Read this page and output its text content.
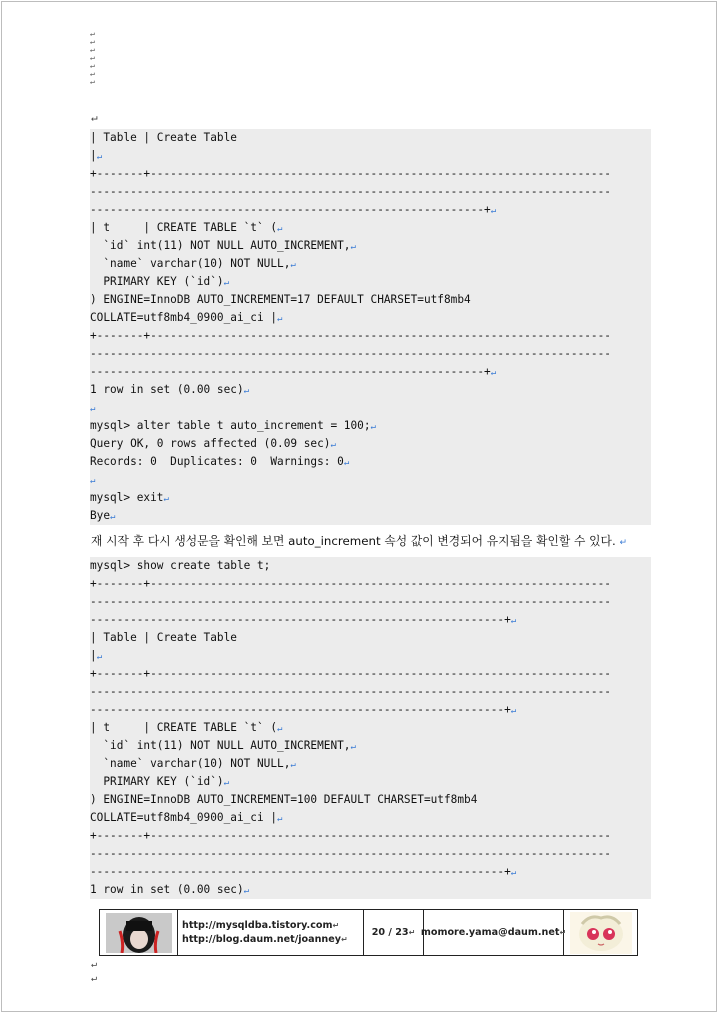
↵
↵
↵
↵
↵
↵
↵
↵
| Table | Create Table
|↵
+-------+---------------------------------------------------------------------
------------------------------------------------------------------------------
-----------------------------------------------------------+↵
| t     | CREATE TABLE `t` (↵
`id` int(11) NOT NULL AUTO_INCREMENT,↵
`name` varchar(10) NOT NULL,↵
PRIMARY KEY (`id`)↵
) ENGINE=InnoDB AUTO_INCREMENT=17 DEFAULT CHARSET=utf8mb4
COLLATE=utf8mb4_0900_ai_ci |↵
+-------+---------------------------------------------------------------------
------------------------------------------------------------------------------
-----------------------------------------------------------+↵
1 row in set (0.00 sec)↵
↵
mysql> alter table t auto_increment = 100;↵
Query OK, 0 rows affected (0.09 sec)↵
Records: 0  Duplicates: 0  Warnings: 0↵
↵
mysql> exit↵
Bye↵
재 시작 후 다시 생성문을 확인해 보면 auto_increment 속성 값이 변경되어 유지됨을 확인할 수 있다. ↵
mysql> show create table t;
+-------+---------------------------------------------------------------------
------------------------------------------------------------------------------
--------------------------------------------------------------+↵
| Table | Create Table
|↵
+-------+---------------------------------------------------------------------
------------------------------------------------------------------------------
--------------------------------------------------------------+↵
| t     | CREATE TABLE `t` (↵
`id` int(11) NOT NULL AUTO_INCREMENT,↵
`name` varchar(10) NOT NULL,↵
PRIMARY KEY (`id`)↵
) ENGINE=InnoDB AUTO_INCREMENT=100 DEFAULT CHARSET=utf8mb4
COLLATE=utf8mb4_0900_ai_ci |↵
+-------+---------------------------------------------------------------------
------------------------------------------------------------------------------
--------------------------------------------------------------+↵
1 row in set (0.00 sec)↵
http://mysqldba.tistory.com↵
http://blog.daum.net/joanney↵
20 / 23 ↵ momore.yama@daum.net ↵
↵
↵
